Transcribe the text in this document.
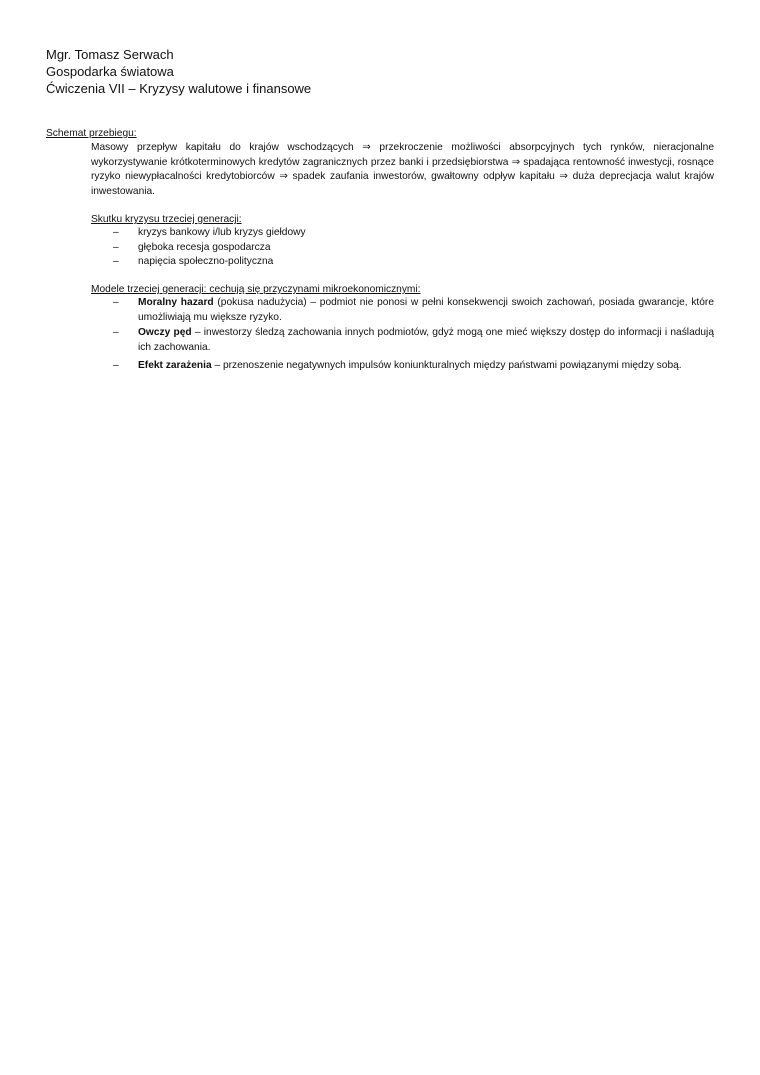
Mgr. Tomasz Serwach
Gospodarka światowa
Ćwiczenia VII – Kryzysy walutowe i finansowe
Schemat przebiegu:
Masowy przepływ kapitału do krajów wschodzących ⇒ przekroczenie możliwości absorpcyjnych tych rynków, nieracjonalne wykorzystywanie krótkoterminowych kredytów zagranicznych przez banki i przedsiębiorstwa ⇒ spadająca rentowność inwestycji, rosnące ryzyko niewypłacalności kredytobiorców ⇒ spadek zaufania inwestorów, gwałtowny odpływ kapitału ⇒ duża deprecjacja walut krajów inwestowania.
Skutku kryzysu trzeciej generacji:
– kryzys bankowy i/lub kryzys giełdowy
– głęboka recesja gospodarcza
– napięcia społeczno-polityczna
Modele trzeciej generacji: cechują się przyczynami mikroekonomicznymi:
– Moralny hazard (pokusa nadużycia) – podmiot nie ponosi w pełni konsekwencji swoich zachowań, posiada gwarancje, które umożliwiają mu większe ryzyko.
– Owczy pęd – inwestorzy śledzą zachowania innych podmiotów, gdyż mogą one mieć większy dostęp do informacji i naśladują ich zachowania.
– Efekt zarażenia – przenoszenie negatywnych impulsów koniunkturalnych między państwami powiązanymi między sobą.
